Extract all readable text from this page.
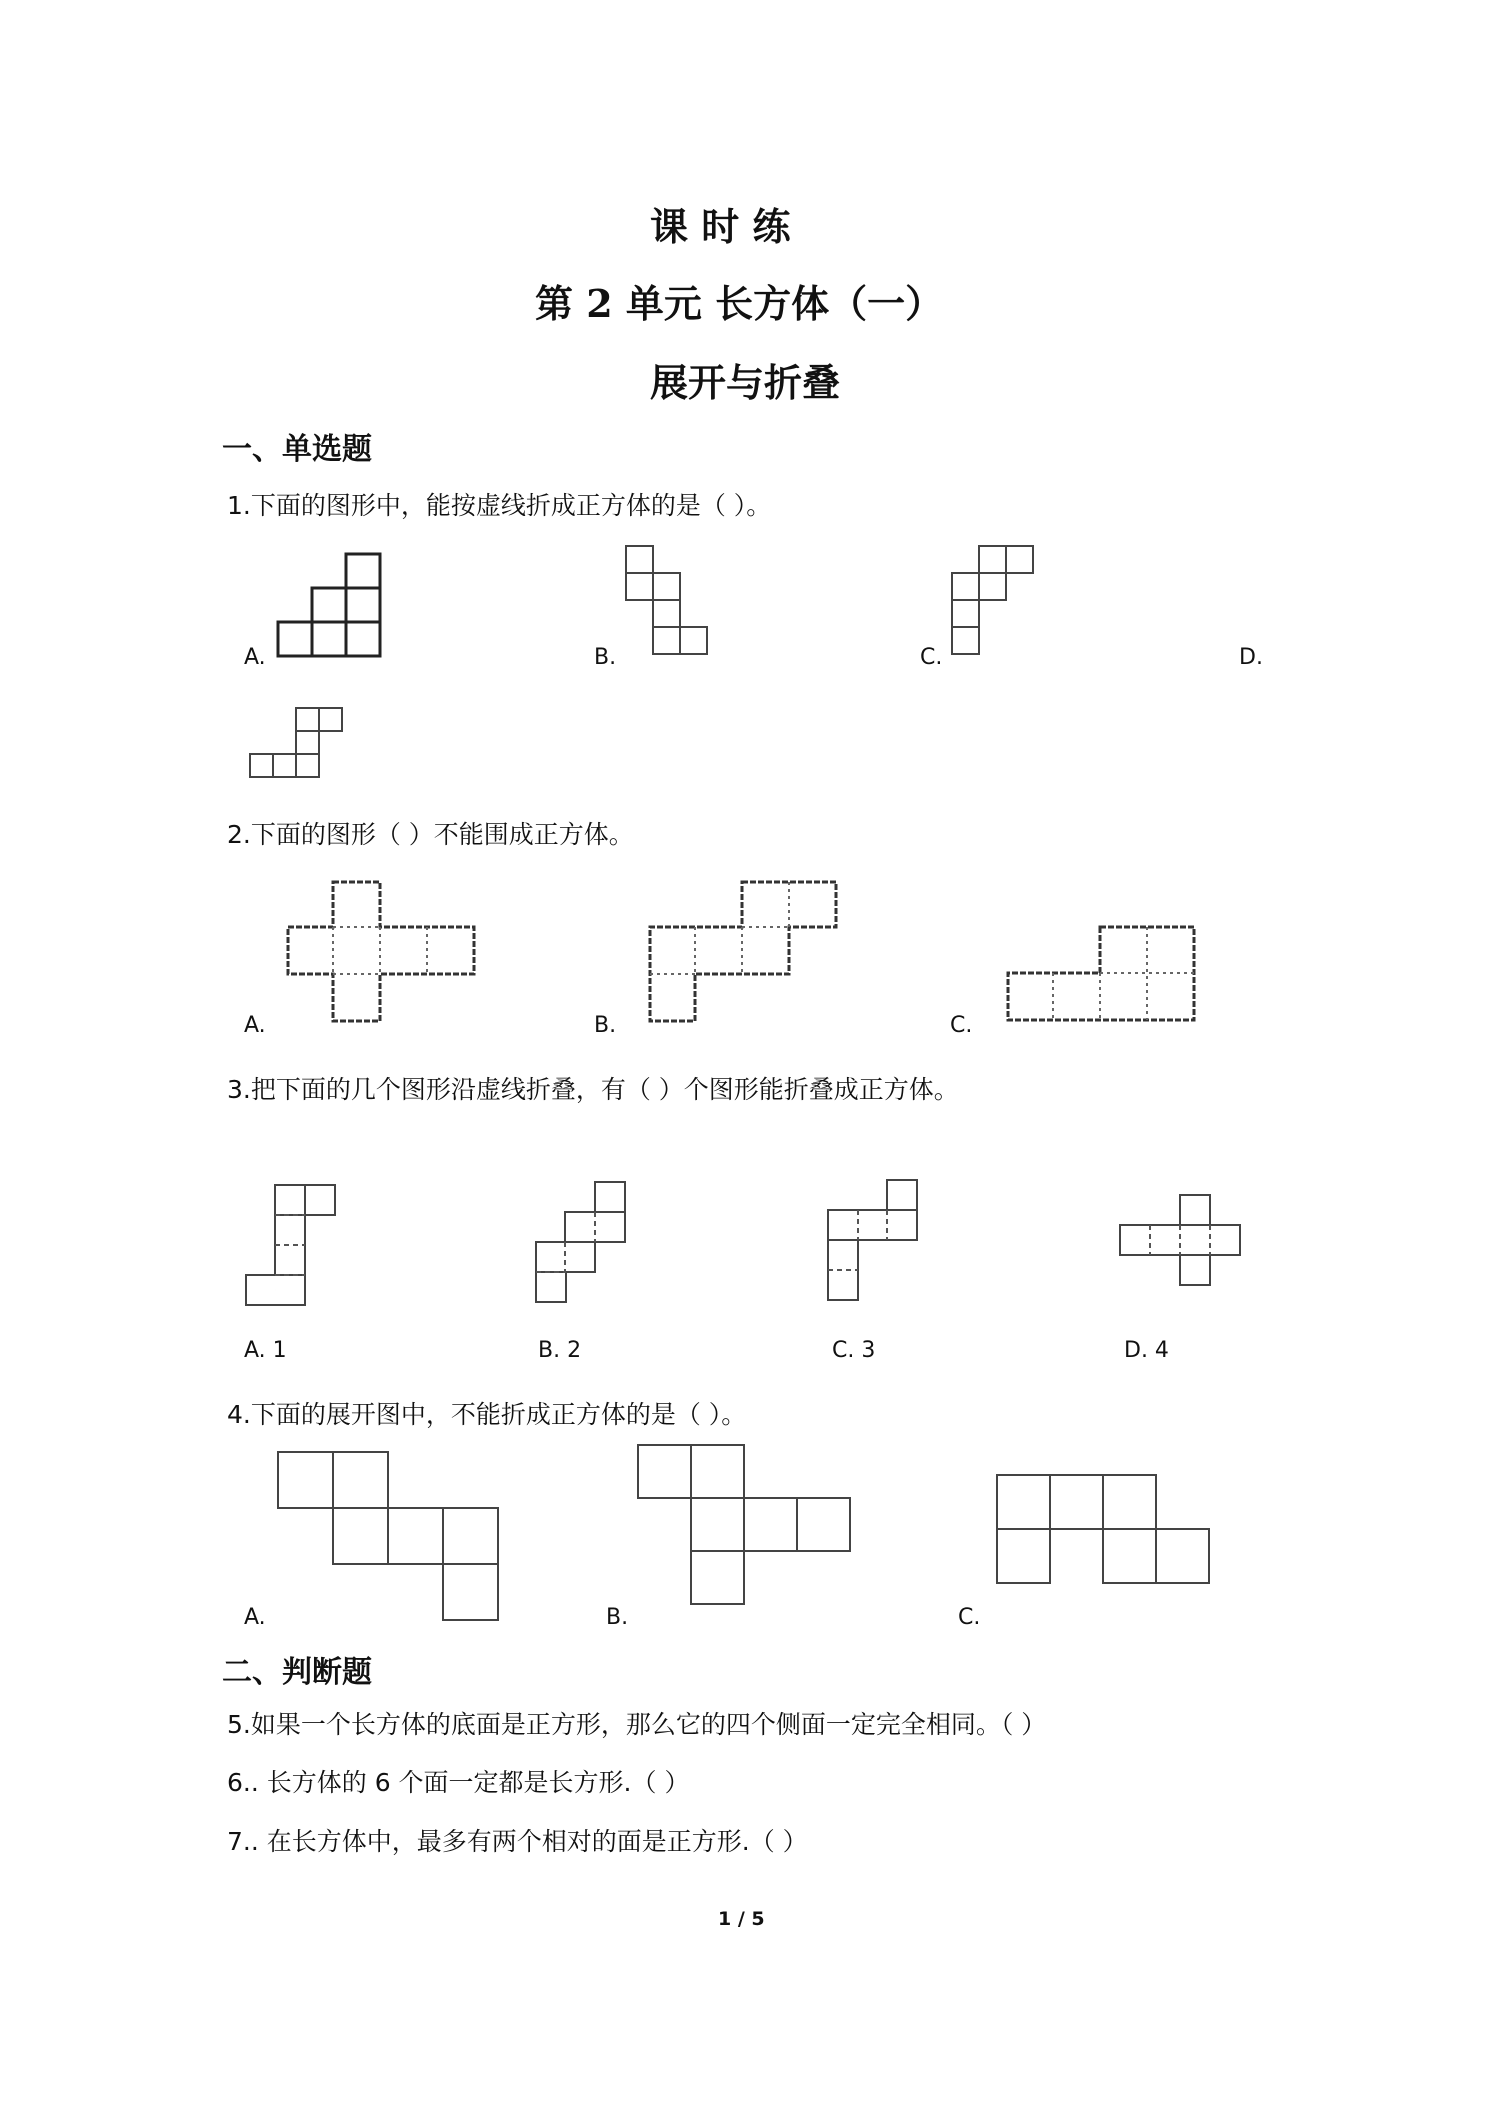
课 时 练
第 2 单元 长方体（一）
展开与折叠
一、单选题
1.下面的图形中，能按虚线折成正方体的是（ ）。
A.	B.	C.	D.
2.下面的图形（ ）不能围成正方体。
A.	B.	C.
3.把下面的几个图形沿虚线折叠，有（ ）个图形能折叠成正方体。
A. 1	B. 2	C. 3	D. 4
4.下面的展开图中，不能折成正方体的是（ ）。
A.	B.	C.
二、判断题
5.如果一个长方体的底面是正方形，那么它的四个侧面一定完全相同。（ ）
6.. 长方体的 6 个面一定都是长方形.（ ）
7.. 在长方体中，最多有两个相对的面是正方形.（ ）
1 / 5
